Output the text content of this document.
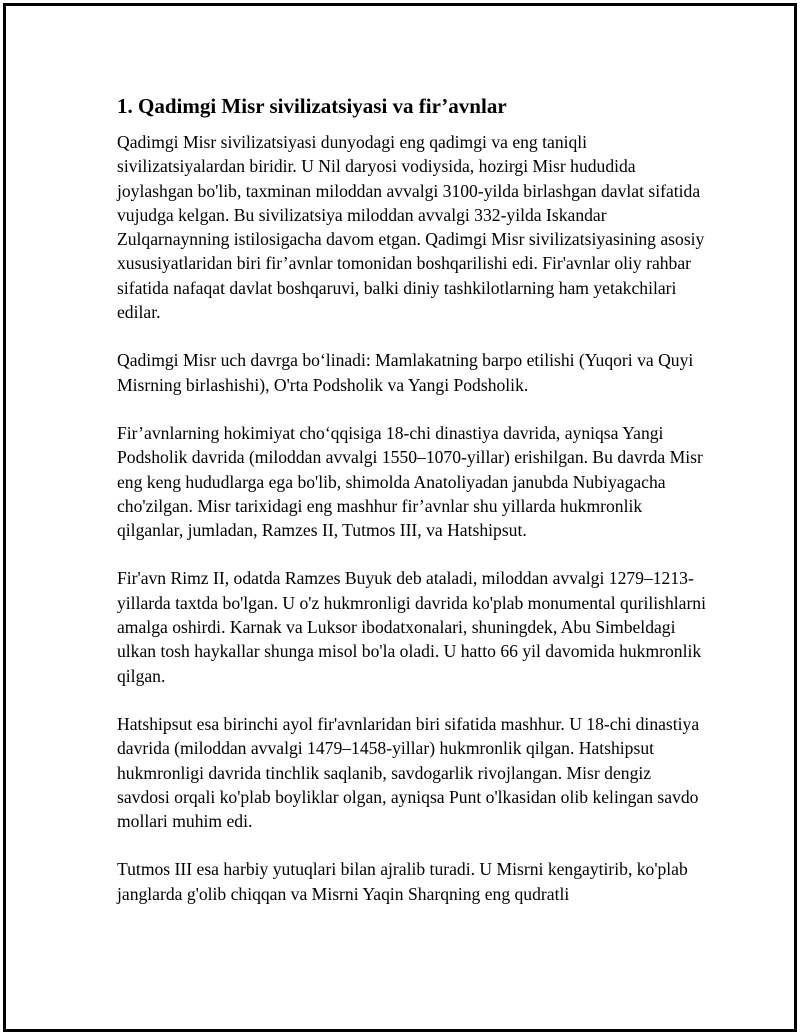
1. Qadimgi Misr sivilizatsiyasi va fir’avnlar

Qadimgi Misr sivilizatsiyasi dunyodagi eng qadimgi va eng taniqli sivilizatsiyalardan biridir. U Nil daryosi vodiysida, hozirgi Misr hududida joylashgan bo'lib, taxminan miloddan avvalgi 3100-yilda birlashgan davlat sifatida vujudga kelgan. Bu sivilizatsiya miloddan avvalgi 332-yilda Iskandar Zulqarnaynning istilosigacha davom etgan. Qadimgi Misr sivilizatsiyasining asosiy xususiyatlaridan biri fir’avnlar tomonidan boshqarilishi edi. Fir'avnlar oliy rahbar sifatida nafaqat davlat boshqaruvi, balki diniy tashkilotlarning ham yetakchilari edilar.

Qadimgi Misr uch davrga bo‘linadi: Mamlakatning barpo etilishi (Yuqori va Quyi Misrning birlashishi), O'rta Podsholik va Yangi Podsholik.

Fir’avnlarning hokimiyat cho‘qqisiga 18-chi dinastiya davrida, ayniqsa Yangi Podsholik davrida (miloddan avvalgi 1550–1070-yillar) erishilgan. Bu davrda Misr eng keng hududlarga ega bo'lib, shimolda Anatoliyadan janubda Nubiyagacha cho'zilgan. Misr tarixidagi eng mashhur fir’avnlar shu yillarda hukmronlik qilganlar, jumladan, Ramzes II, Tutmos III, va Hatshipsut.

Fir'avn Rimz II, odatda Ramzes Buyuk deb ataladi, miloddan avvalgi 1279–1213-yillarda taxtda bo'lgan. U o'z hukmronligi davrida ko'plab monumental qurilishlarni amalga oshirdi. Karnak va Luksor ibodatxonalari, shuningdek, Abu Simbeldagi ulkan tosh haykallar shunga misol bo'la oladi. U hatto 66 yil davomida hukmronlik qilgan.

Hatshipsut esa birinchi ayol fir'avnlaridan biri sifatida mashhur. U 18-chi dinastiya davrida (miloddan avvalgi 1479–1458-yillar) hukmronlik qilgan. Hatshipsut hukmronligi davrida tinchlik saqlanib, savdogarlik rivojlangan. Misr dengiz savdosi orqali ko'plab boyliklar olgan, ayniqsa Punt o'lkasidan olib kelingan savdo mollari muhim edi.

Tutmos III esa harbiy yutuqlari bilan ajralib turadi. U Misrni kengaytirib, ko'plab janglarda g'olib chiqqan va Misrni Yaqin Sharqning eng qudratli
